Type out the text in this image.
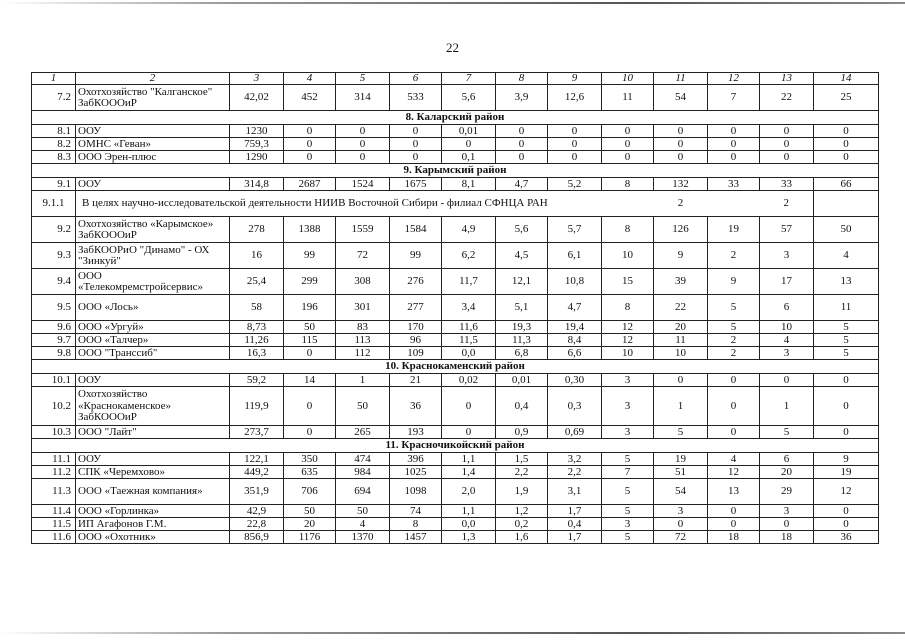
22
1	2	3	4	5	6	7	8	9	10	11	12	13	14
7.2	Охотхозяйство "Калганское" ЗабКОООиР	42,02	452	314	533	5,6	3,9	12,6	11	54	7	22	25
8. Каларский район													
8.1	ООУ	1230	0	0	0	0,01	0	0	0	0	0	0	0
8.2	ОМНС «Геван»	759,3	0	0	0	0	0	0	0	0	0	0	0
8.3	ООО Эрен-плюс	1290	0	0	0	0,1	0	0	0	0	0	0	0
9. Карымский район													
9.1	ООУ	314,8	2687	1524	1675	8,1	4,7	5,2	8	132	33	33	66
9.1.1	В целях научно-исследовательской деятельности НИИВ Восточной Сибири - филиал СФНЦА РАН									2		2	
9.2	Охотхозяйство «Карымское» ЗабКОООиР	278	1388	1559	1584	4,9	5,6	5,7	8	126	19	57	50
9.3	ЗабКООРиО "Динамо" - ОХ "Зинкуй"	16	99	72	99	6,2	4,5	6,1	10	9	2	3	4
9.4	ООО «Телекомремстройсервис»	25,4	299	308	276	11,7	12,1	10,8	15	39	9	17	13
9.5	ООО «Лось»	58	196	301	277	3,4	5,1	4,7	8	22	5	6	11
9.6	ООО «Ургуй»	8,73	50	83	170	11,6	19,3	19,4	12	20	5	10	5
9.7	ООО «Талчер»	11,26	115	113	96	11,5	11,3	8,4	12	11	2	4	5
9.8	ООО "Транссиб"	16,3	0	112	109	0,0	6,8	6,6	10	10	2	3	5
10. Краснокаменский район													
10.1	ООУ	59,2	14	1	21	0,02	0,01	0,30	3	0	0	0	0
10.2	Охотхозяйство «Краснокаменское» ЗабКОООиР	119,9	0	50	36	0	0,4	0,3	3	1	0	1	0
10.3	ООО "Лайт"	273,7	0	265	193	0	0,9	0,69	3	5	0	5	0
11. Красночикойский район													
11.1	ООУ	122,1	350	474	396	1,1	1,5	3,2	5	19	4	6	9
11.2	СПК «Черемхово»	449,2	635	984	1025	1,4	2,2	2,2	7	51	12	20	19
11.3	ООО «Таежная компания»	351,9	706	694	1098	2,0	1,9	3,1	5	54	13	29	12
11.4	ООО «Горлинка»	42,9	50	50	74	1,1	1,2	1,7	5	3	0	3	0
11.5	ИП Агафонов Г.М.	22,8	20	4	8	0,0	0,2	0,4	3	0	0	0	0
11.6	ООО «Охотник»	856,9	1176	1370	1457	1,3	1,6	1,7	5	72	18	18	36
